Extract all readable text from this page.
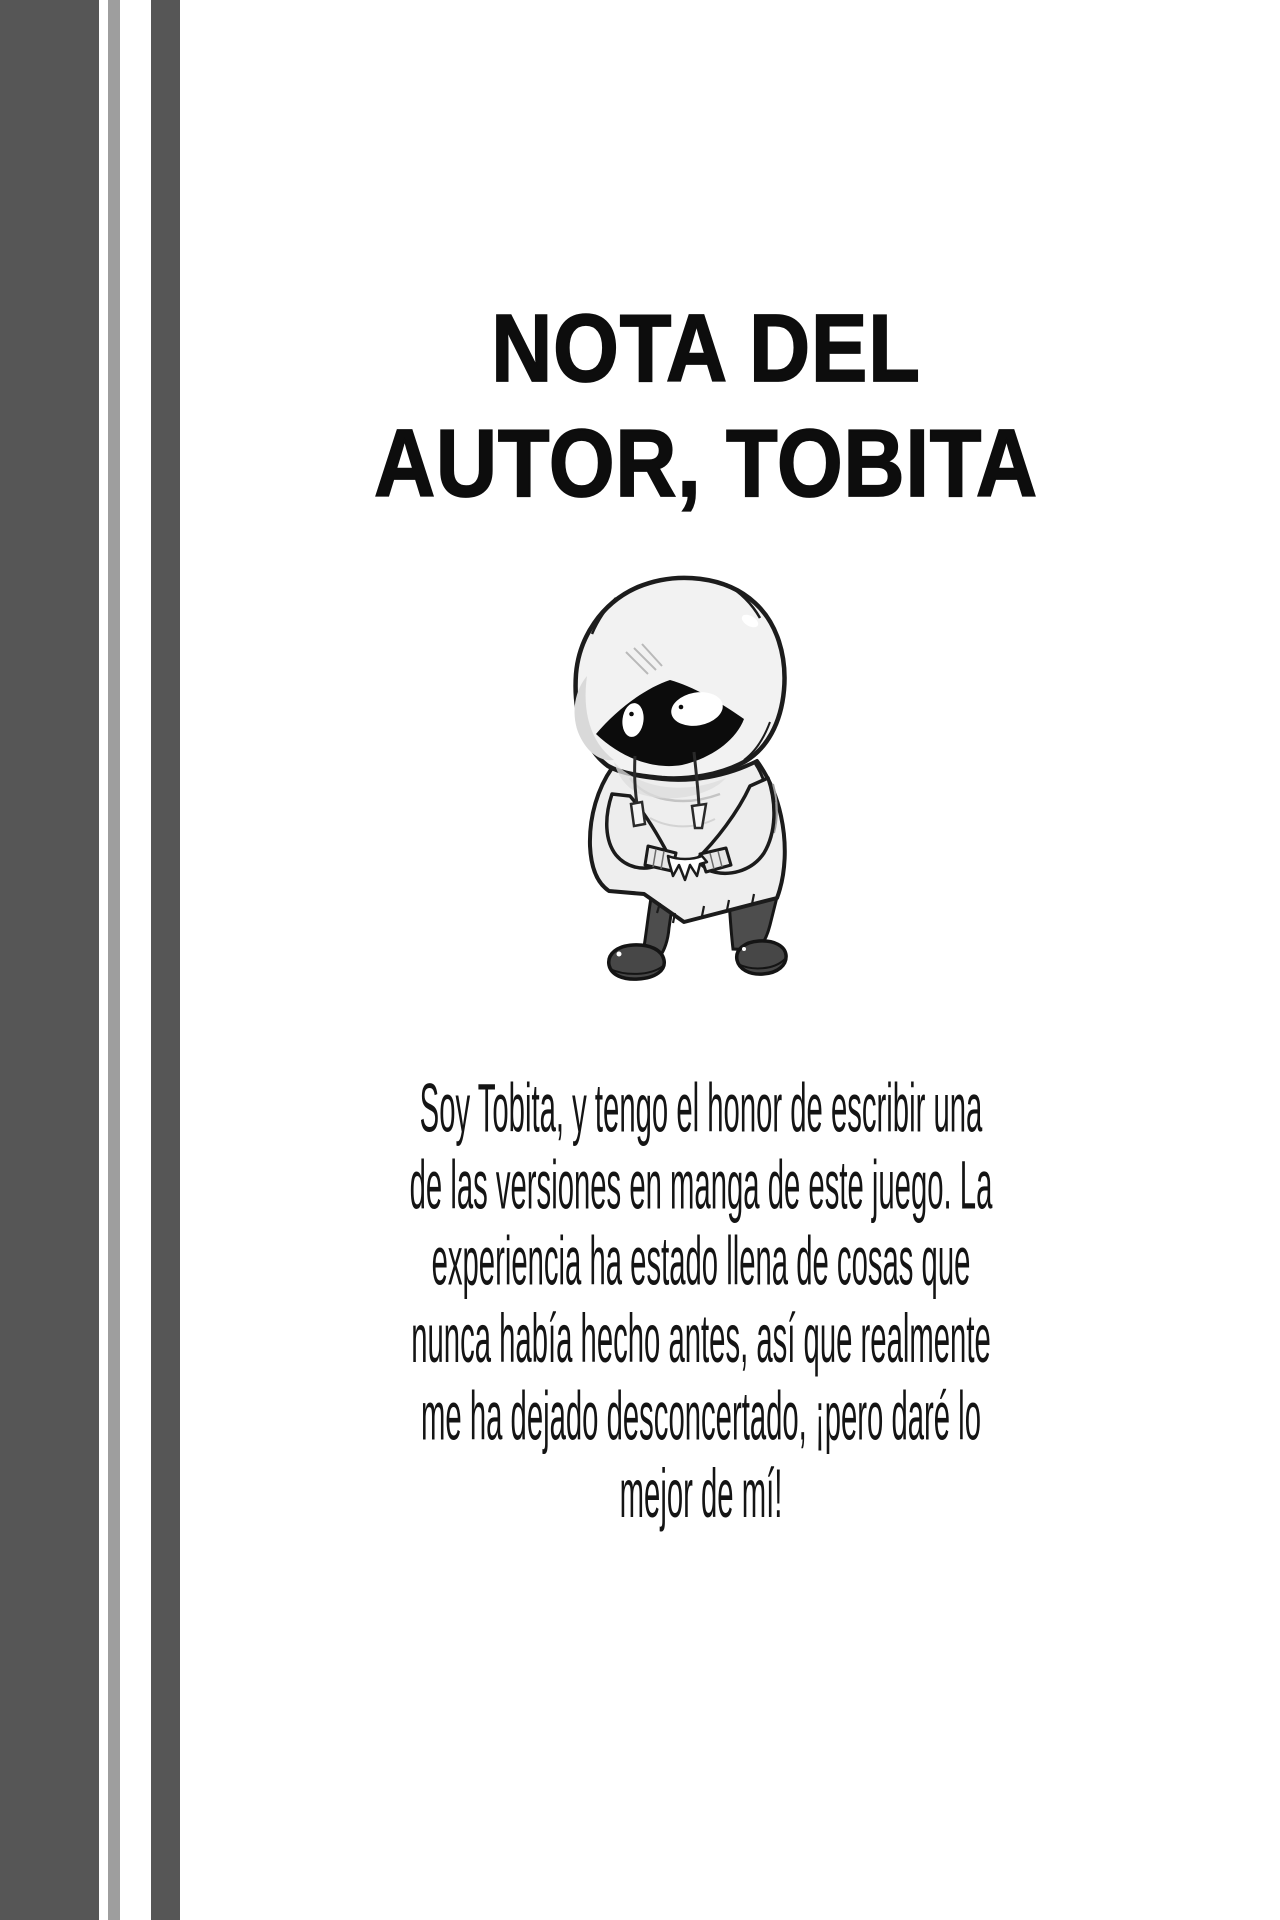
NOTA DEL
AUTOR, TOBITA
Soy Tobita, y tengo el honor de escribir una
de las versiones en manga de este juego. La
experiencia ha estado llena de cosas que
nunca había hecho antes, así que realmente
me ha dejado desconcertado, ¡pero daré lo
mejor de mí!
